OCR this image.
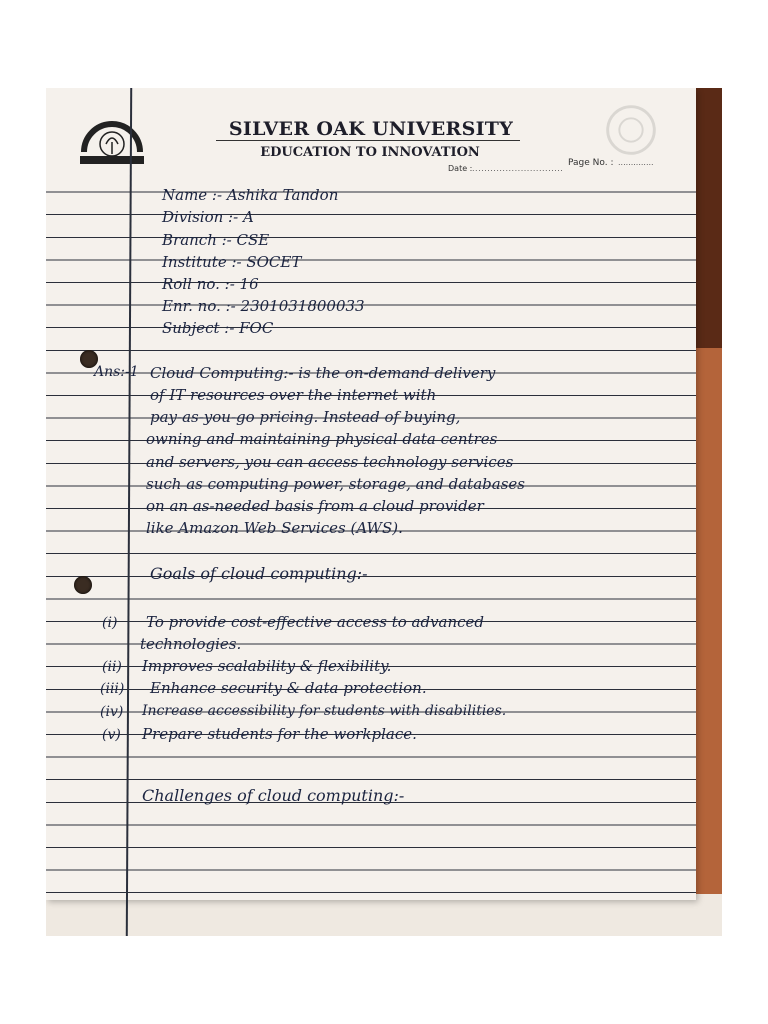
SILVER OAK UNIVERSITY
EDUCATION TO INNOVATION
Date : ..............................
Page No. : ..............
Name :- Ashika Tandon
Division :- A
Branch :- CSE
Institute :- SOCET
Roll no. :- 16
Enr. no. :- 2301031800033
Subject :- FOC
Ans:-1 Cloud Computing:- is the on-demand delivery
of IT resources over the internet with
pay-as-you-go pricing. Instead of buying,
owning and maintaining physical data centres
and servers, you can access technology services
such as computing power, storage, and databases
on an as-needed basis from a cloud provider
like Amazon Web Services (AWS).
Goals of cloud computing:-
(i) To provide cost-effective access to advanced
technologies.
(ii) Improves scalability & flexibility.
(iii) Enhance security & data protection.
(iv) Increase accessibility for students with disabilities.
(v) Prepare students for the workplace.
Challenges of cloud computing:-
